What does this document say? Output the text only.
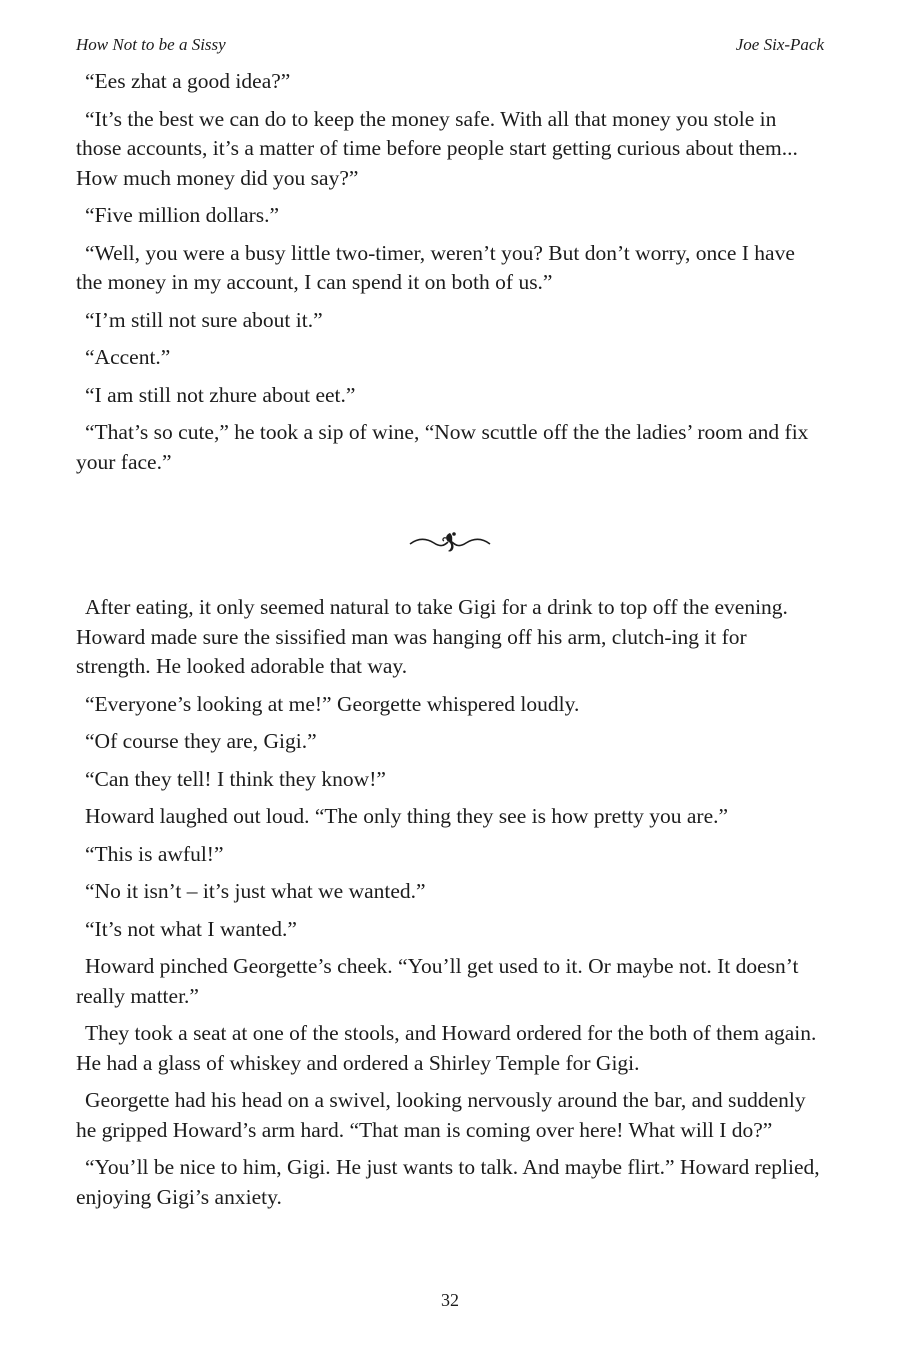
How Not to be a Sissy	Joe Six-Pack

“Ees zhat a good idea?”

“It’s the best we can do to keep the money safe. With all that money you stole in those accounts, it’s a matter of time before people start getting curious about them... How much money did you say?”

“Five million dollars.”

“Well, you were a busy little two-timer, weren’t you? But don’t worry, once I have the money in my account, I can spend it on both of us.”

“I’m still not sure about it.”

“Accent.”

“I am still not zhure about eet.”

“That’s so cute,” he took a sip of wine, “Now scuttle off the the ladies’ room and fix your face.”

After eating, it only seemed natural to take Gigi for a drink to top off the evening. Howard made sure the sissified man was hanging off his arm, clutch-ing it for strength. He looked adorable that way.

“Everyone’s looking at me!” Georgette whispered loudly.

“Of course they are, Gigi.”

“Can they tell! I think they know!”

Howard laughed out loud. “The only thing they see is how pretty you are.”

“This is awful!”

“No it isn’t – it’s just what we wanted.”

“It’s not what I wanted.”

Howard pinched Georgette’s cheek. “You’ll get used to it. Or maybe not. It doesn’t really matter.”

They took a seat at one of the stools, and Howard ordered for the both of them again. He had a glass of whiskey and ordered a Shirley Temple for Gigi.

Georgette had his head on a swivel, looking nervously around the bar, and suddenly he gripped Howard’s arm hard. “That man is coming over here! What will I do?”

“You’ll be nice to him, Gigi. He just wants to talk. And maybe flirt.” Howard replied, enjoying Gigi’s anxiety.

32
